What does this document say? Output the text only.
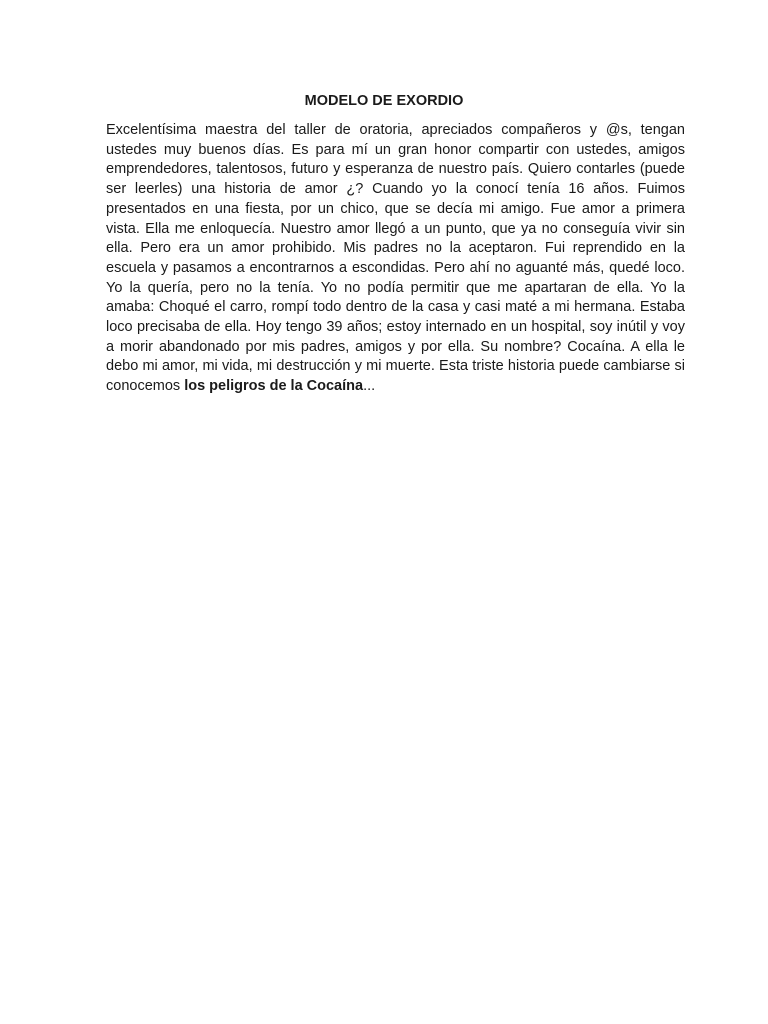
MODELO DE EXORDIO

Excelentísima maestra del taller de oratoria, apreciados compañeros y @s, tengan ustedes muy buenos días. Es para mí un gran honor compartir con ustedes, amigos emprendedores, talentosos, futuro y esperanza de nuestro país. Quiero contarles (puede ser leerles) una historia de amor ¿? Cuando yo la conocí tenía 16 años. Fuimos presentados en una fiesta, por un chico, que se decía mi amigo. Fue amor a primera vista. Ella me enloquecía. Nuestro amor llegó a un punto, que ya no conseguía vivir sin ella. Pero era un amor prohibido. Mis padres no la aceptaron. Fui reprendido en la escuela y pasamos a encontrarnos a escondidas. Pero ahí no aguanté más, quedé loco. Yo la quería, pero no la tenía. Yo no podía permitir que me apartaran de ella. Yo la amaba: Choqué el carro, rompí todo dentro de la casa y casi maté a mi hermana. Estaba loco precisaba de ella. Hoy tengo 39 años; estoy internado en un hospital, soy inútil y voy a morir abandonado por mis padres, amigos y por ella. Su nombre? Cocaína. A ella le debo mi amor, mi vida, mi destrucción y mi muerte. Esta triste historia puede cambiarse si conocemos los peligros de la Cocaína...
